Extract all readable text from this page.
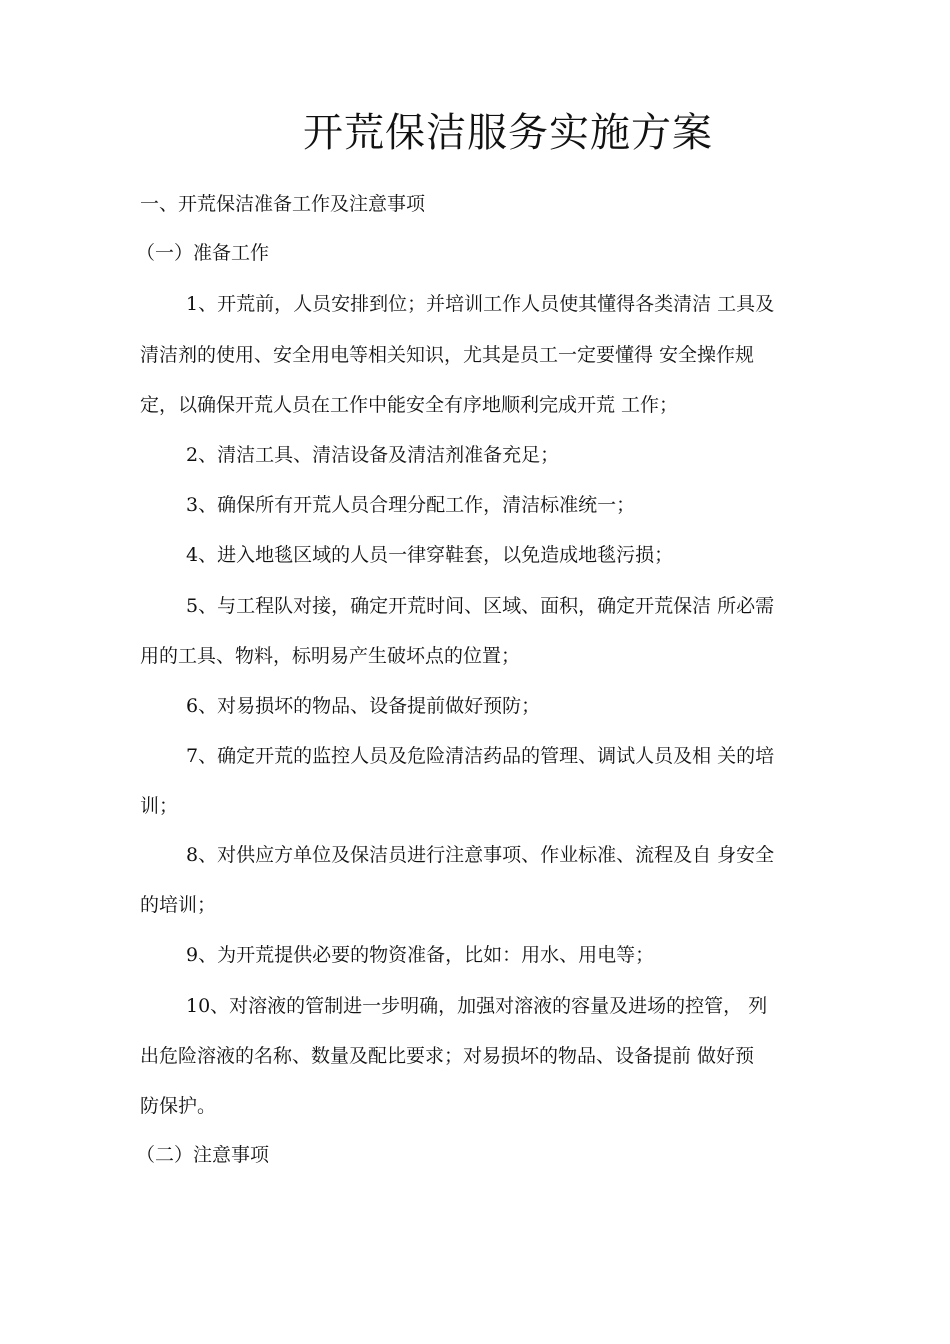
开荒保洁服务实施方案

一、开荒保洁准备工作及注意事项

（一）准备工作

1、开荒前，人员安排到位；并培训工作人员使其懂得各类清洁 工具及

清洁剂的使用、安全用电等相关知识，尤其是员工一定要懂得 安全操作规

定，以确保开荒人员在工作中能安全有序地顺利完成开荒 工作；

2、清洁工具、清洁设备及清洁剂准备充足；

3、确保所有开荒人员合理分配工作，清洁标准统一；

4、进入地毯区域的人员一律穿鞋套，以免造成地毯污损；

5、与工程队对接，确定开荒时间、区域、面积，确定开荒保洁 所必需

用的工具、物料，标明易产生破坏点的位置；

6、对易损坏的物品、设备提前做好预防；

7、确定开荒的监控人员及危险清洁药品的管理、调试人员及相 关的培

训；

8、对供应方单位及保洁员进行注意事项、作业标准、流程及自 身安全

的培训；

9、为开荒提供必要的物资准备，比如：用水、用电等；

10、对溶液的管制进一步明确，加强对溶液的容量及进场的控管， 列

出危险溶液的名称、数量及配比要求；对易损坏的物品、设备提前 做好预

防保护。

（二）注意事项
